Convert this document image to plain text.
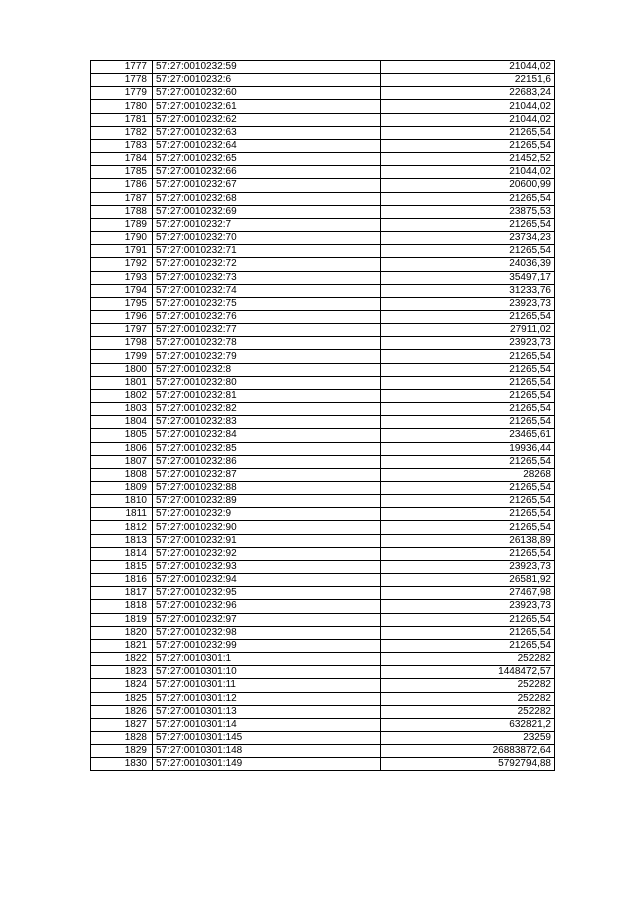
1777	57:27:0010232:59	21044,02
1778	57:27:0010232:6	22151,6
1779	57:27:0010232:60	22683,24
1780	57:27:0010232:61	21044,02
1781	57:27:0010232:62	21044,02
1782	57:27:0010232:63	21265,54
1783	57:27:0010232:64	21265,54
1784	57:27:0010232:65	21452,52
1785	57:27:0010232:66	21044,02
1786	57:27:0010232:67	20600,99
1787	57:27:0010232:68	21265,54
1788	57:27:0010232:69	23875,53
1789	57:27:0010232:7	21265,54
1790	57:27:0010232:70	23734,23
1791	57:27:0010232:71	21265,54
1792	57:27:0010232:72	24036,39
1793	57:27:0010232:73	35497,17
1794	57:27:0010232:74	31233,76
1795	57:27:0010232:75	23923,73
1796	57:27:0010232:76	21265,54
1797	57:27:0010232:77	27911,02
1798	57:27:0010232:78	23923,73
1799	57:27:0010232:79	21265,54
1800	57:27:0010232:8	21265,54
1801	57:27:0010232:80	21265,54
1802	57:27:0010232:81	21265,54
1803	57:27:0010232:82	21265,54
1804	57:27:0010232:83	21265,54
1805	57:27:0010232:84	23465,61
1806	57:27:0010232:85	19936,44
1807	57:27:0010232:86	21265,54
1808	57:27:0010232:87	28268
1809	57:27:0010232:88	21265,54
1810	57:27:0010232:89	21265,54
1811	57:27:0010232:9	21265,54
1812	57:27:0010232:90	21265,54
1813	57:27:0010232:91	26138,89
1814	57:27:0010232:92	21265,54
1815	57:27:0010232:93	23923,73
1816	57:27:0010232:94	26581,92
1817	57:27:0010232:95	27467,98
1818	57:27:0010232:96	23923,73
1819	57:27:0010232:97	21265,54
1820	57:27:0010232:98	21265,54
1821	57:27:0010232:99	21265,54
1822	57:27:0010301:1	252282
1823	57:27:0010301:10	1448472,57
1824	57:27:0010301:11	252282
1825	57:27:0010301:12	252282
1826	57:27:0010301:13	252282
1827	57:27:0010301:14	632821,2
1828	57:27:0010301:145	23259
1829	57:27:0010301:148	26883872,64
1830	57:27:0010301:149	5792794,88
